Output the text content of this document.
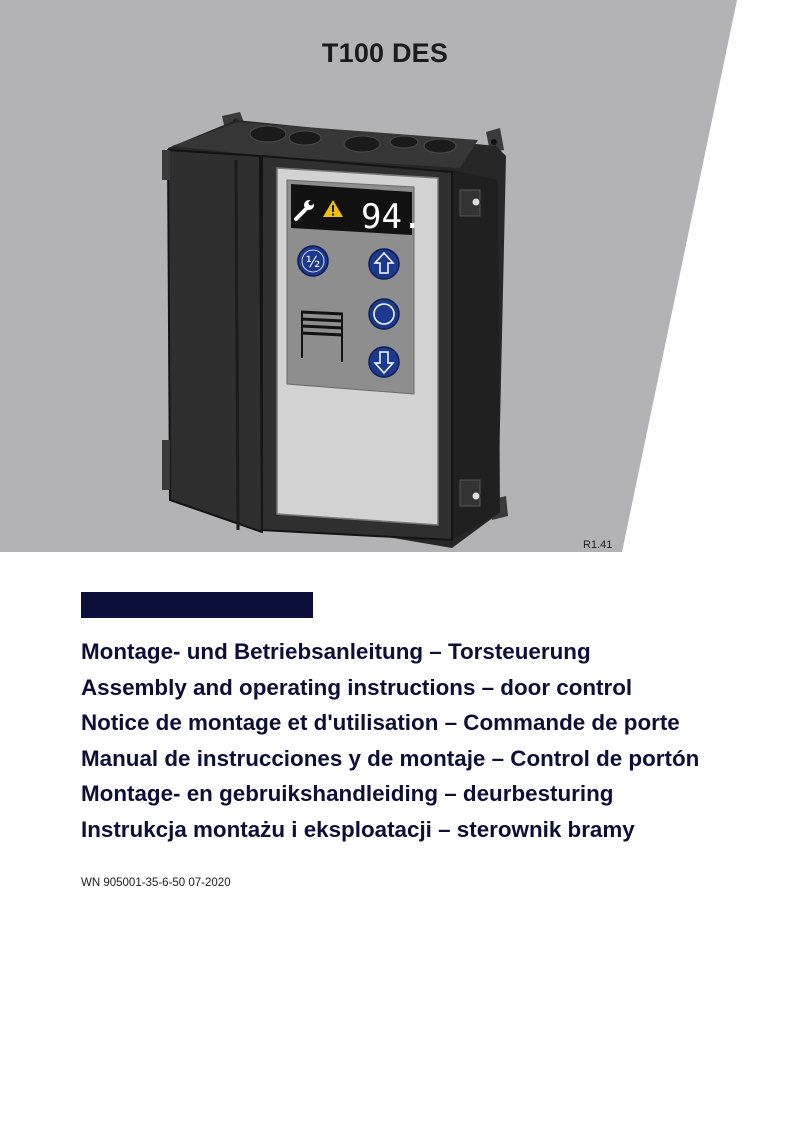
94.
½
T100 DES
R1.41
Montage- und Betriebsanleitung – Torsteuerung
Assembly and operating instructions – door control
Notice de montage et d'utilisation – Commande de porte
Manual de instrucciones y de montaje – Control de portón
Montage- en gebruikshandleiding – deurbesturing
Instrukcja montażu i eksploatacji – sterownik bramy
WN 905001-35-6-50 07-2020
